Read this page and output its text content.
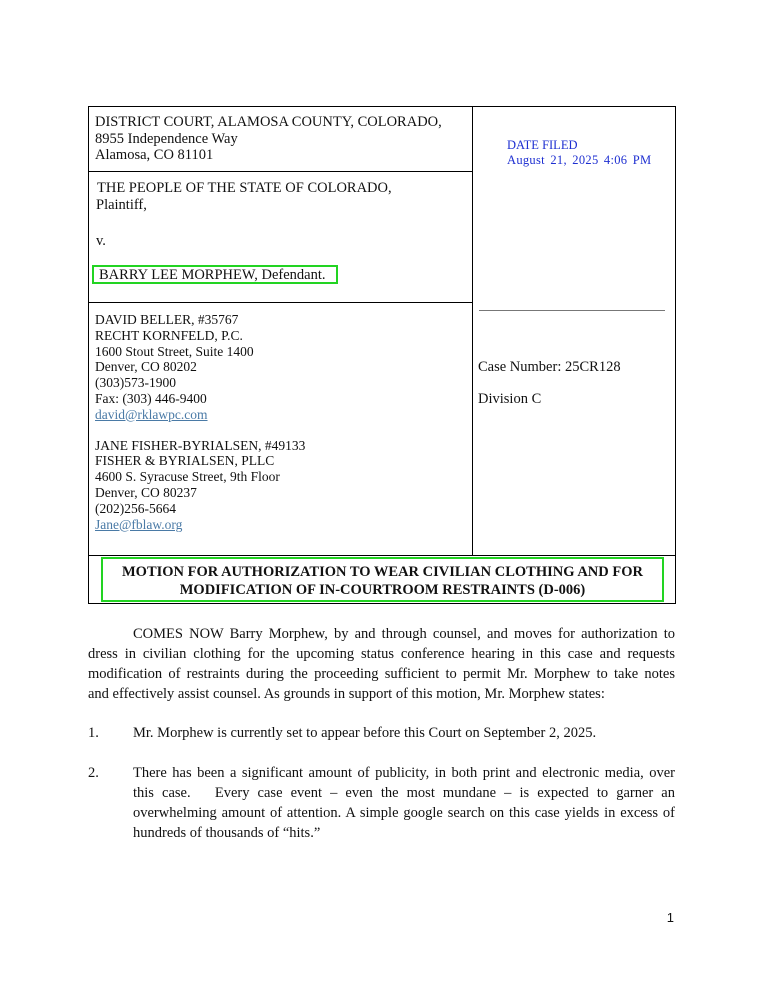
DISTRICT COURT, ALAMOSA COUNTY, COLORADO,
8955 Independence Way
Alamosa, CO 81101
THE PEOPLE OF THE STATE OF COLORADO,
Plaintiff,
v.
BARRY LEE MORPHEW, Defendant.
DAVID BELLER, #35767
RECHT KORNFELD, P.C.
1600 Stout Street, Suite 1400
Denver, CO 80202
(303)573-1900
Fax: (303) 446-9400
david@rklawpc.com
JANE FISHER-BYRIALSEN, #49133
FISHER & BYRIALSEN, PLLC
4600 S. Syracuse Street, 9th Floor
Denver, CO 80237
(202)256-5664
Jane@fblaw.org
DATE FILED
August 21, 2025 4:06 PM
Case Number: 25CR128
Division C
MOTION FOR AUTHORIZATION TO WEAR CIVILIAN CLOTHING AND FOR
MODIFICATION OF IN-COURTROOM RESTRAINTS (D-006)
COMES NOW Barry Morphew, by and through counsel, and moves for authorization to
dress in civilian clothing for the upcoming status conference hearing in this case and requests
modification of restraints during the proceeding sufficient to permit Mr. Morphew to take notes
and effectively assist counsel. As grounds in support of this motion, Mr. Morphew states:
1. Mr. Morphew is currently set to appear before this Court on September 2, 2025.
2. There has been a significant amount of publicity, in both print and electronic media, over
this case.   Every case event – even the most mundane – is expected to garner an
overwhelming amount of attention. A simple google search on this case yields in excess of
hundreds of thousands of “hits.”
1
